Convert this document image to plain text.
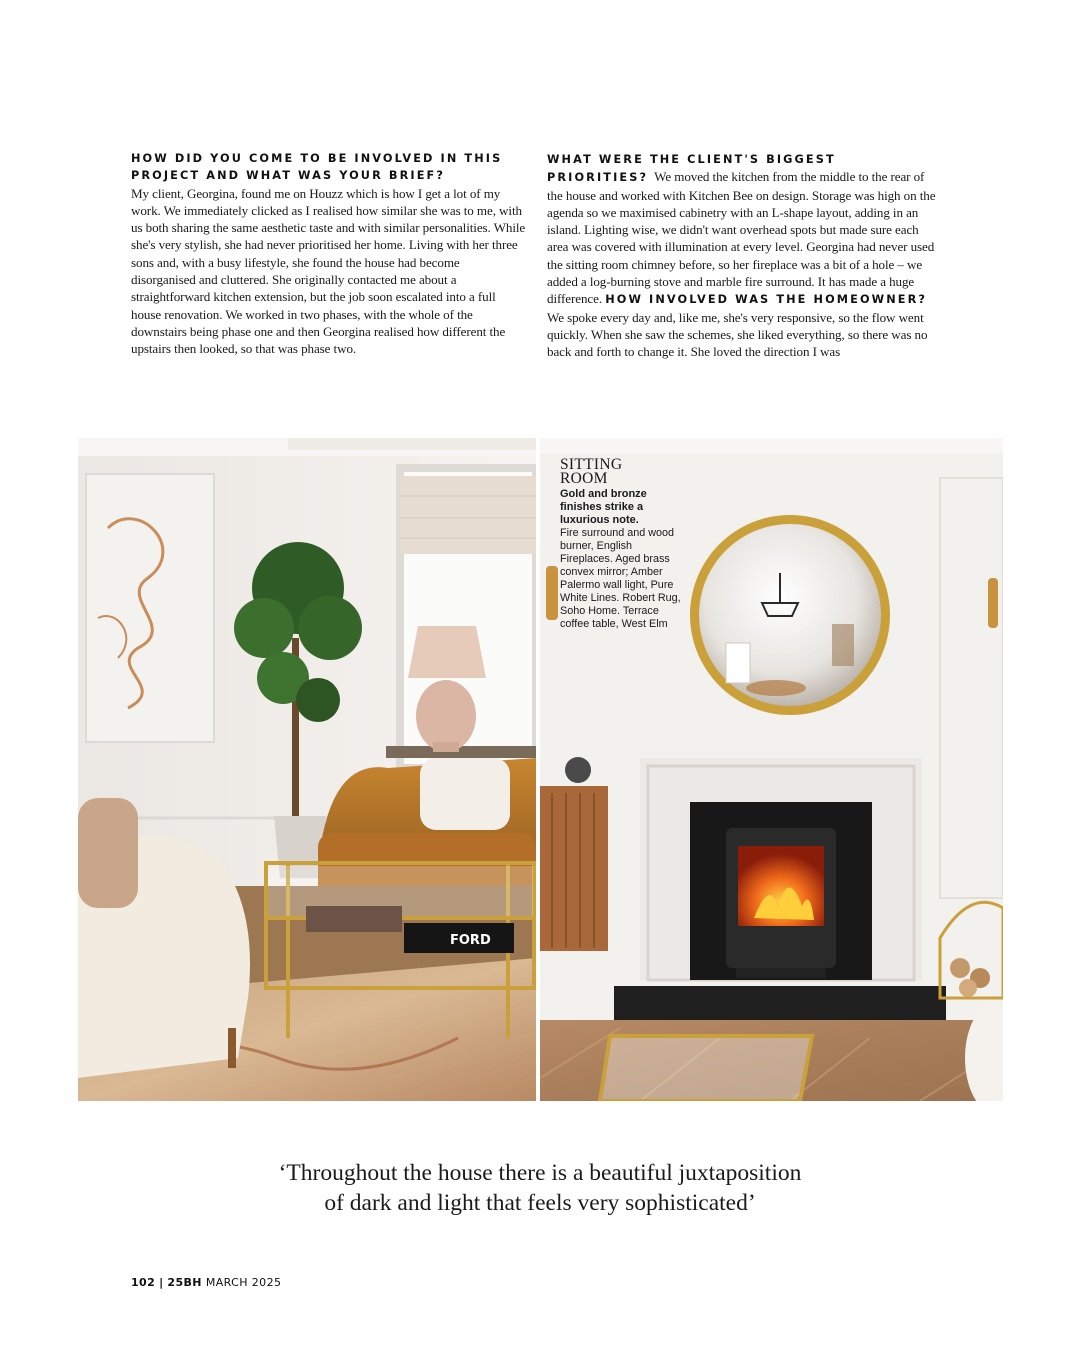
HOW DID YOU COME TO BE INVOLVED IN THIS PROJECT AND WHAT WAS YOUR BRIEF?
My client, Georgina, found me on Houzz which is how I get a lot of my work. We immediately clicked as I realised how similar she was to me, with us both sharing the same aesthetic taste and with similar personalities. While she's very stylish, she had never prioritised her home. Living with her three sons and, with a busy lifestyle, she found the house had become disorganised and cluttered. She originally contacted me about a straightforward kitchen extension, but the job soon escalated into a full house renovation. We worked in two phases, with the whole of the downstairs being phase one and then Georgina realised how different the upstairs then looked, so that was phase two.
WHAT WERE THE CLIENT'S BIGGEST PRIORITIES? We moved the kitchen from the middle to the rear of the house and worked with Kitchen Bee on design. Storage was high on the agenda so we maximised cabinetry with an L-shape layout, adding in an island. Lighting wise, we didn't want overhead spots but made sure each area was covered with illumination at every level. Georgina had never used the sitting room chimney before, so her fireplace was a bit of a hole – we added a log-burning stove and marble fire surround. It has made a huge difference. HOW INVOLVED WAS THE HOMEOWNER? We spoke every day and, like me, she's very responsive, so the flow went quickly. When she saw the schemes, she liked everything, so there was no back and forth to change it. She loved the direction I was
FORD
SITTING
ROOM
Gold and bronze finishes strike a luxurious note.
Fire surround and wood burner, English Fireplaces. Aged brass convex mirror; Amber Palermo wall light, Pure White Lines. Robert Rug, Soho Home. Terrace coffee table, West Elm
‘Throughout the house there is a beautiful juxtaposition
of dark and light that feels very sophisticated’
102 | 25BH MARCH 2025
